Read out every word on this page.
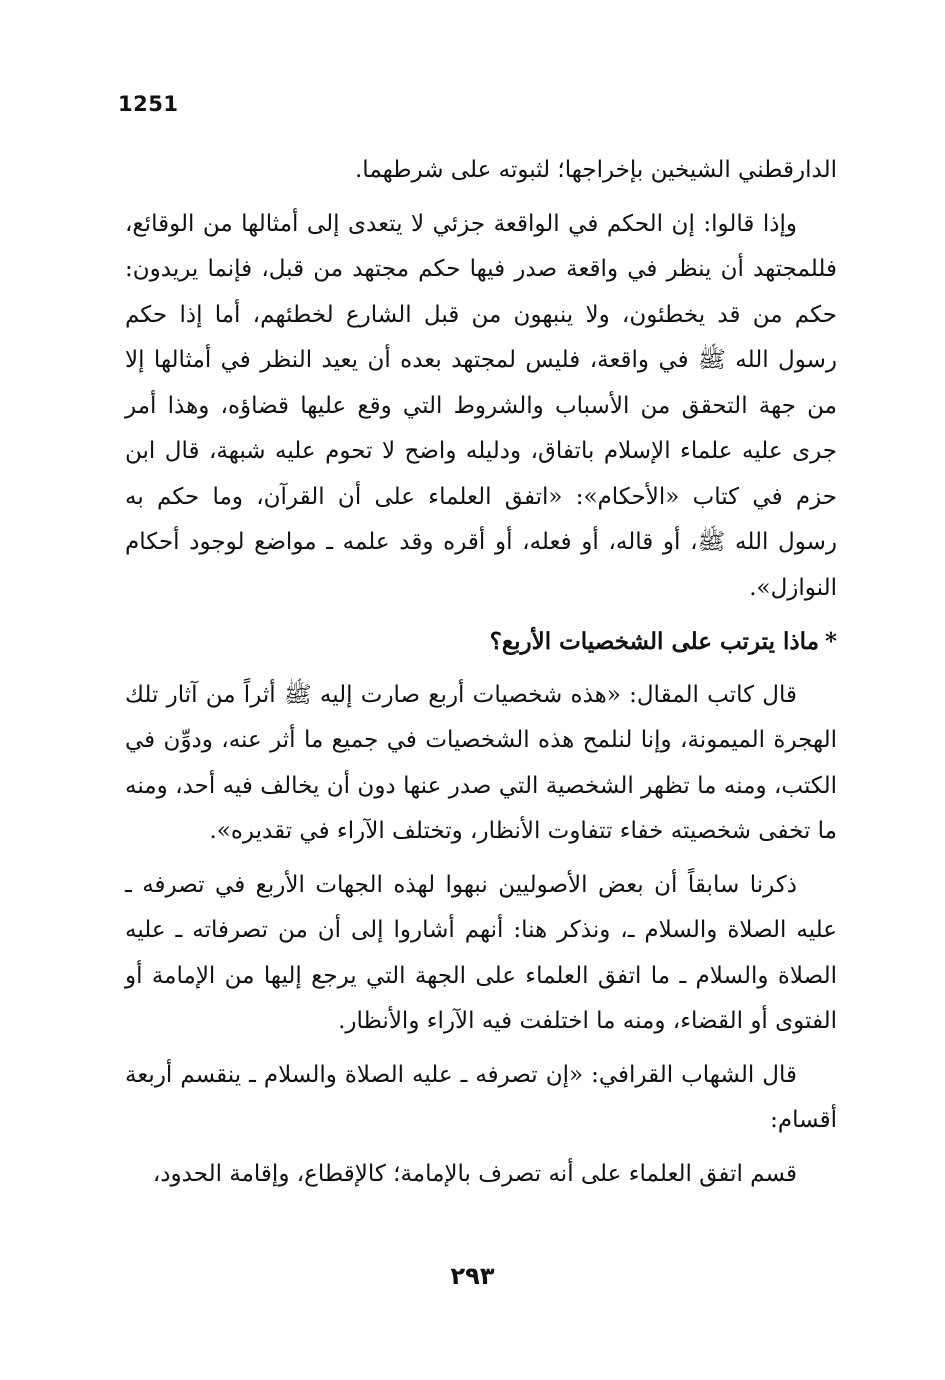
1251

الدارقطني الشيخين بإخراجها؛ لثبوته على شرطهما.

وإذا قالوا: إن الحكم في الواقعة جزئي لا يتعدى إلى أمثالها من الوقائع، فللمجتهد أن ينظر في واقعة صدر فيها حكم مجتهد من قبل، فإنما يريدون: حكم من قد يخطئون، ولا ينبهون من قبل الشارع لخطئهم، أما إذا حكم رسول الله ﷺ في واقعة، فليس لمجتهد بعده أن يعيد النظر في أمثالها إلا من جهة التحقق من الأسباب والشروط التي وقع عليها قضاؤه، وهذا أمر جرى عليه علماء الإسلام باتفاق، ودليله واضح لا تحوم عليه شبهة، قال ابن حزم في كتاب «الأحكام»: «اتفق العلماء على أن القرآن، وما حكم به رسول الله ﷺ، أو قاله، أو فعله، أو أقره وقد علمه ـ مواضع لوجود أحكام النوازل».

*ماذا يترتب على الشخصيات الأربع؟

قال كاتب المقال: «هذه شخصيات أربع صارت إليه ﷺ أثراً من آثار تلك الهجرة الميمونة، وإنا لنلمح هذه الشخصيات في جميع ما أثر عنه، ودوِّن في الكتب، ومنه ما تظهر الشخصية التي صدر عنها دون أن يخالف فيه أحد، ومنه ما تخفى شخصيته خفاء تتفاوت الأنظار، وتختلف الآراء في تقديره».

ذكرنا سابقاً أن بعض الأصوليين نبهوا لهذه الجهات الأربع في تصرفه ـ عليه الصلاة والسلام ـ، ونذكر هنا: أنهم أشاروا إلى أن من تصرفاته ـ عليه الصلاة والسلام ـ ما اتفق العلماء على الجهة التي يرجع إليها من الإمامة أو الفتوى أو القضاء، ومنه ما اختلفت فيه الآراء والأنظار.

قال الشهاب القرافي: «إن تصرفه ـ عليه الصلاة والسلام ـ ينقسم أربعة أقسام:

قسم اتفق العلماء على أنه تصرف بالإمامة؛ كالإقطاع، وإقامة الحدود،

٢٩٣
